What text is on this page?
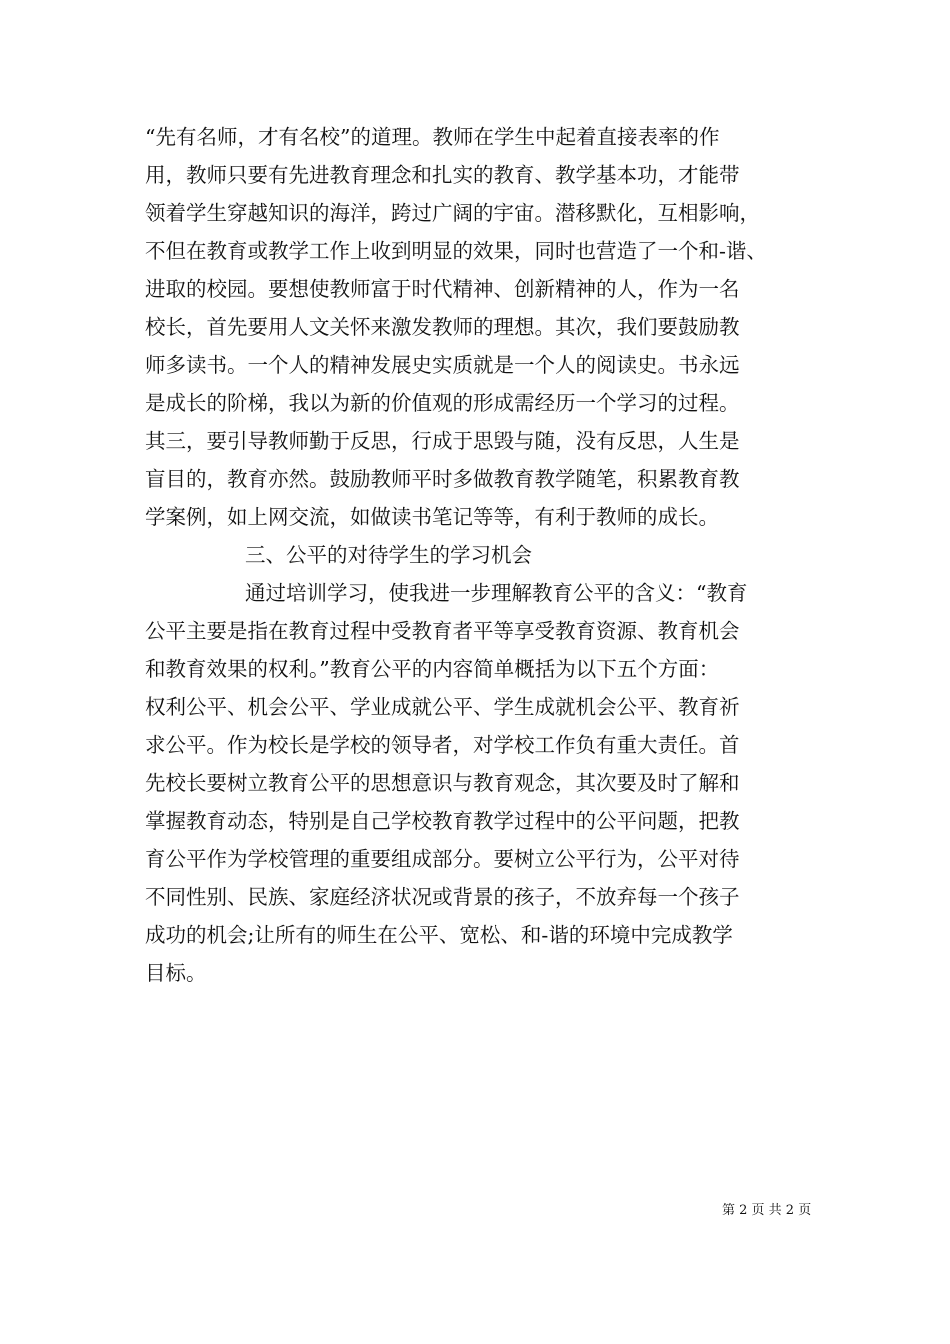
“先有名师，才有名校”的道理。教师在学生中起着直接表率的作
用，教师只要有先进教育理念和扎实的教育、教学基本功，才能带
领着学生穿越知识的海洋，跨过广阔的宇宙。潜移默化，互相影响，
不但在教育或教学工作上收到明显的效果，同时也营造了一个和-谐、
进取的校园。要想使教师富于时代精神、创新精神的人，作为一名
校长，首先要用人文关怀来激发教师的理想。其次，我们要鼓励教
师多读书。一个人的精神发展史实质就是一个人的阅读史。书永远
是成长的阶梯，我以为新的价值观的形成需经历一个学习的过程。
其三，要引导教师勤于反思，行成于思毁与随，没有反思，人生是
盲目的，教育亦然。鼓励教师平时多做教育教学随笔，积累教育教
学案例，如上网交流，如做读书笔记等等，有利于教师的成长。
三、公平的对待学生的学习机会
通过培训学习，使我进一步理解教育公平的含义：“教育
公平主要是指在教育过程中受教育者平等享受教育资源、教育机会
和教育效果的权利。”教育公平的内容简单概括为以下五个方面：
权利公平、机会公平、学业成就公平、学生成就机会公平、教育祈
求公平。作为校长是学校的领导者，对学校工作负有重大责任。首
先校长要树立教育公平的思想意识与教育观念，其次要及时了解和
掌握教育动态，特别是自己学校教育教学过程中的公平问题，把教
育公平作为学校管理的重要组成部分。要树立公平行为，公平对待
不同性别、民族、家庭经济状况或背景的孩子，不放弃每一个孩子
成功的机会;让所有的师生在公平、宽松、和-谐的环境中完成教学
目标。
第 2 页 共 2 页
